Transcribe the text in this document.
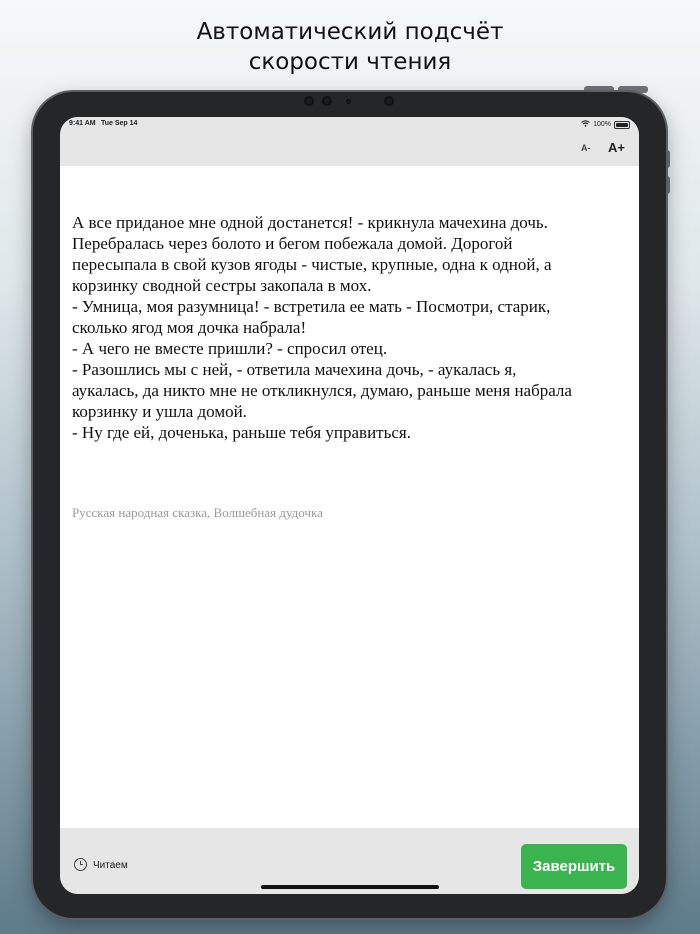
Автоматический подсчёт
скорости чтения
9:41 AM Tue Sep 14	100%
A- A+

А все приданое мне одной достанется! - крикнула мачехина дочь.

Перебралась через болото и бегом побежала домой. Дорогой

пересыпала в свой кузов ягоды - чистые, крупные, одна к одной, а

корзинку сводной сестры закопала в мох.

- Умница, моя разумница! - встретила ее мать - Посмотри, старик,

сколько ягод моя дочка набрала!

- А чего не вместе пришли? - спросил отец.

- Разошлись мы с ней, - ответила мачехина дочь, - аукалась я,

аукалась, да никто мне не откликнулся, думаю, раньше меня набрала

корзинку и ушла домой.

- Ну где ей, доченька, раньше тебя управиться.

Русская народная сказка, Волшебная дудочка
Читаем	Завершить
